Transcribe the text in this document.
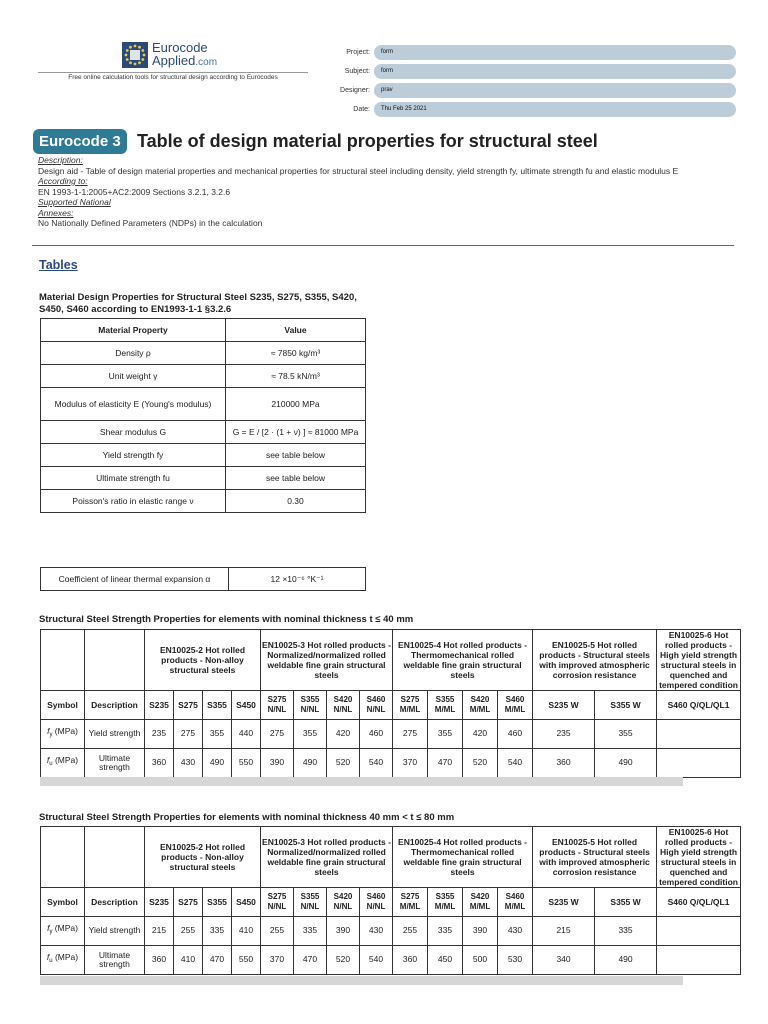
Eurocode
Applied.com
Free online calculation tools for structural design according to Eurocodes
Project:	form
Subject:	form
Designer:	prav
Date:	Thu Feb 25 2021
Eurocode 3 Table of design material properties for structural steel
Description:
Design aid - Table of design material properties and mechanical properties for structural steel including density, yield strength fy, ultimate strength fu and elastic modulus E
According to:
EN 1993-1-1:2005+AC2:2009 Sections 3.2.1, 3.2.6
Supported National
Annexes:
No Nationally Defined Parameters (NDPs) in the calculation
Tables
Material Design Properties for Structural Steel S235, S275, S355, S420, S450, S460 according to EN1993-1-1 §3.2.6
Material Property	Value
Density ρ	≈ 7850 kg/m³
Unit weight γ	≈ 78.5 kN/m³
Modulus of elasticity E (Young's modulus)	210000 MPa
Shear modulus G	G = E / [2 · (1 + ν) ] ≈ 81000 MPa
Yield strength fy	see table below
Ultimate strength fu	see table below
Poisson's ratio in elastic range ν	0.30

Coefficient of linear thermal expansion α	12 ×10⁻⁶ °K⁻¹
Structural Steel Strength Properties for elements with nominal thickness t ≤ 40 mm
		EN10025-2 Hot rolled products - Non-alloy structural steels				EN10025-3 Hot rolled products - Normalized/normalized rolled weldable fine grain structural steels				EN10025-4 Hot rolled products - Thermomechanical rolled weldable fine grain structural steels				EN10025-5 Hot rolled products - Structural steels with improved atmospheric corrosion resistance		EN10025-6 Hot rolled products - High yield strength structural steels in quenched and tempered condition
Symbol	Description	S235	S275	S355	S450	S275 N/NL	S355 N/NL	S420 N/NL	S460 N/NL	S275 M/ML	S355 M/ML	S420 M/ML	S460 M/ML	S235 W	S355 W	S460 Q/QL/QL1
$f_y$ (MPa)	Yield strength	235	275	355	440	275	355	420	460	275	355	420	460	235	355	
$f_u$ (MPa)	Ultimate strength	360	430	490	550	390	490	520	540	370	470	520	540	360	490	
Structural Steel Strength Properties for elements with nominal thickness 40 mm < t ≤ 80 mm
		EN10025-2 Hot rolled products - Non-alloy structural steels				EN10025-3 Hot rolled products - Normalized/normalized rolled weldable fine grain structural steels				EN10025-4 Hot rolled products - Thermomechanical rolled weldable fine grain structural steels				EN10025-5 Hot rolled products - Structural steels with improved atmospheric corrosion resistance		EN10025-6 Hot rolled products - High yield strength structural steels in quenched and tempered condition
Symbol	Description	S235	S275	S355	S450	S275 N/NL	S355 N/NL	S420 N/NL	S460 N/NL	S275 M/ML	S355 M/ML	S420 M/ML	S460 M/ML	S235 W	S355 W	S460 Q/QL/QL1
$f_y$ (MPa)	Yield strength	215	255	335	410	255	335	390	430	255	335	390	430	215	335	
$f_u$ (MPa)	Ultimate strength	360	410	470	550	370	470	520	540	360	450	500	530	340	490	
